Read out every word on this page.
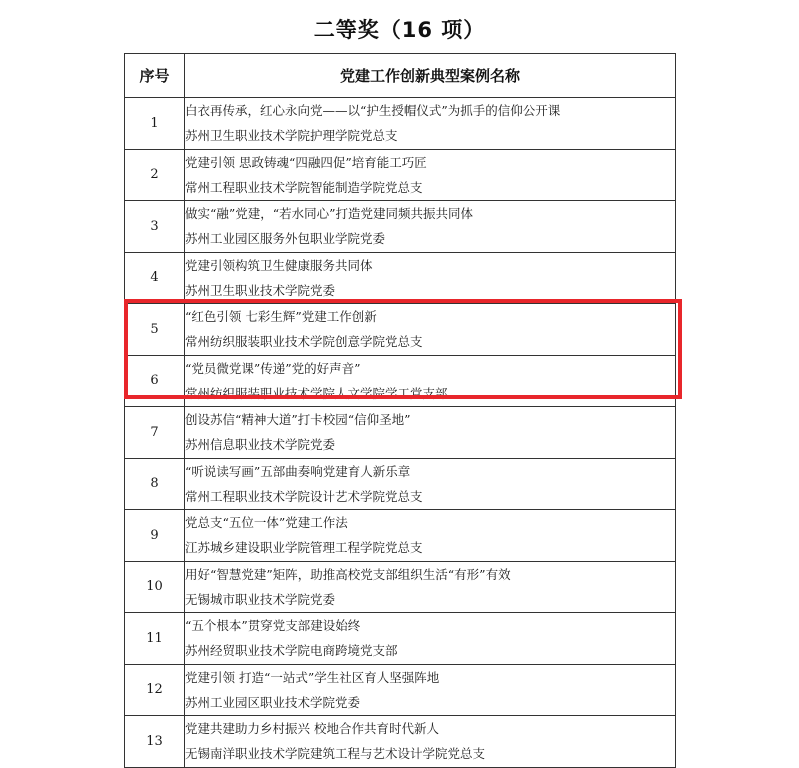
二等奖（16 项）
序号	党建工作创新典型案例名称
1	白衣再传承，红心永向党——以“护生授帽仪式”为抓手的信仰公开课
苏州卫生职业技术学院护理学院党总支

2	党建引领 思政铸魂“四融四促”培育能工巧匠
常州工程职业技术学院智能制造学院党总支

3	做实“融”党建，“若水同心”打造党建同频共振共同体
苏州工业园区服务外包职业学院党委

4	党建引领构筑卫生健康服务共同体
苏州卫生职业技术学院党委

5	“红色引领 七彩生辉”党建工作创新
常州纺织服装职业技术学院创意学院党总支

6	“党员微党课”传递”党的好声音”
常州纺织服装职业技术学院人文学院学工党支部

7	创设苏信“精神大道”打卡校园“信仰圣地”
苏州信息职业技术学院党委

8	“听说读写画”五部曲奏响党建育人新乐章
常州工程职业技术学院设计艺术学院党总支

9	党总支“五位一体”党建工作法
江苏城乡建设职业学院管理工程学院党总支

10	用好“智慧党建”矩阵，助推高校党支部组织生活“有形”有效
无锡城市职业技术学院党委

11	“五个根本”贯穿党支部建设始终
苏州经贸职业技术学院电商跨境党支部

12	党建引领 打造“一站式”学生社区育人坚强阵地
苏州工业园区职业技术学院党委

13	党建共建助力乡村振兴 校地合作共育时代新人
无锡南洋职业技术学院建筑工程与艺术设计学院党总支
